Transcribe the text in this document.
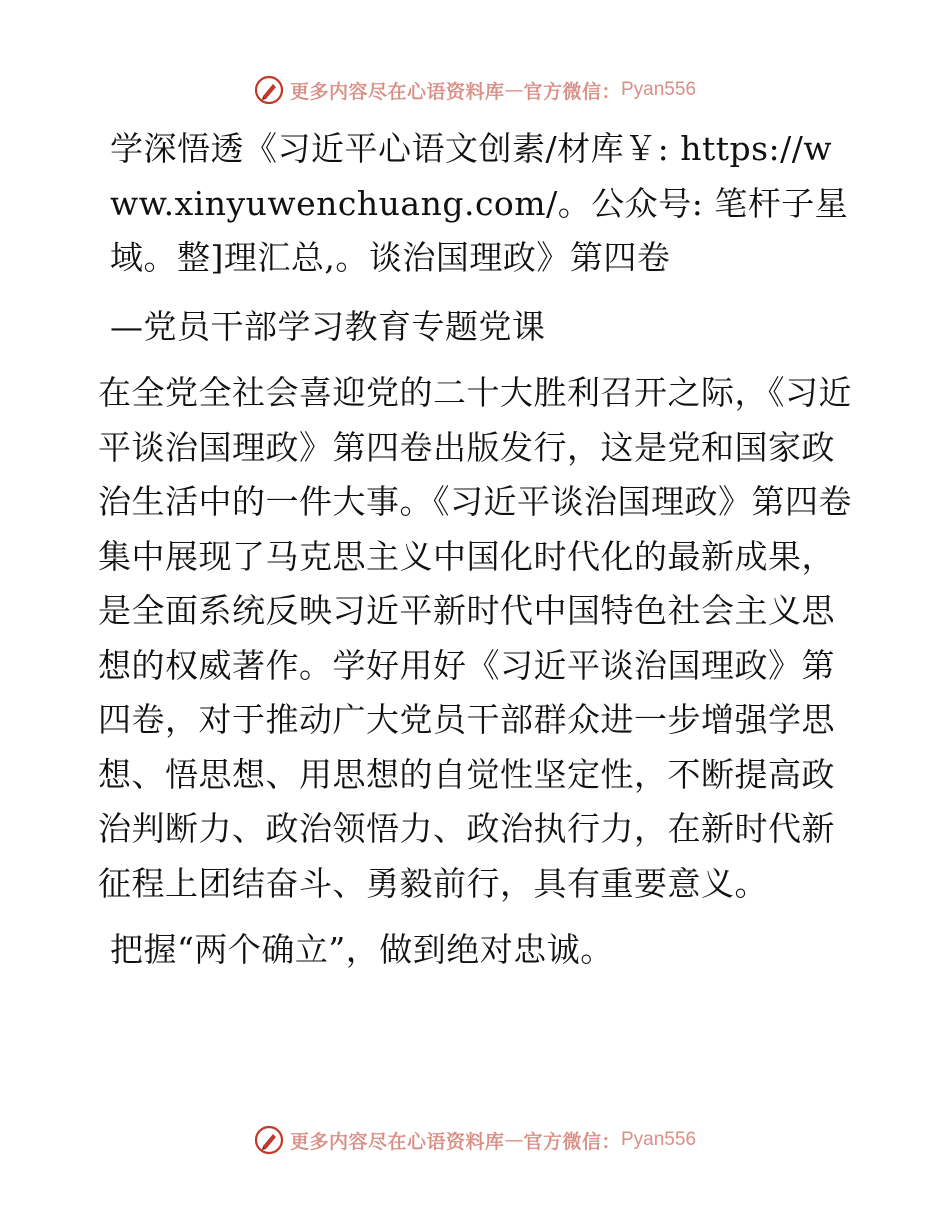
更多内容尽在心语资料库 — 官方微信： Pyan556

学深悟透《习近平心语文创素/材库￥: https://www.xinyuwenchuang.com/。公众号: 笔杆子星域。整]理汇总,。谈治国理政》第四卷

—党员干部学习教育专题党课

在全党全社会喜迎党的二十大胜利召开之际，《习近平谈治国理政》第四卷出版发行，这是党和国家政治生活中的一件大事。《习近平谈治国理政》第四卷集中展现了马克思主义中国化时代化的最新成果，是全面系统反映习近平新时代中国特色社会主义思想的权威著作。学好用好《习近平谈治国理政》第四卷，对于推动广大党员干部群众进一步增强学思想、悟思想、用思想的自觉性坚定性，不断提高政治判断力、政治领悟力、政治执行力，在新时代新征程上团结奋斗、勇毅前行，具有重要意义。

把握“两个确立”，做到绝对忠诚。

更多内容尽在心语资料库 — 官方微信： Pyan556
